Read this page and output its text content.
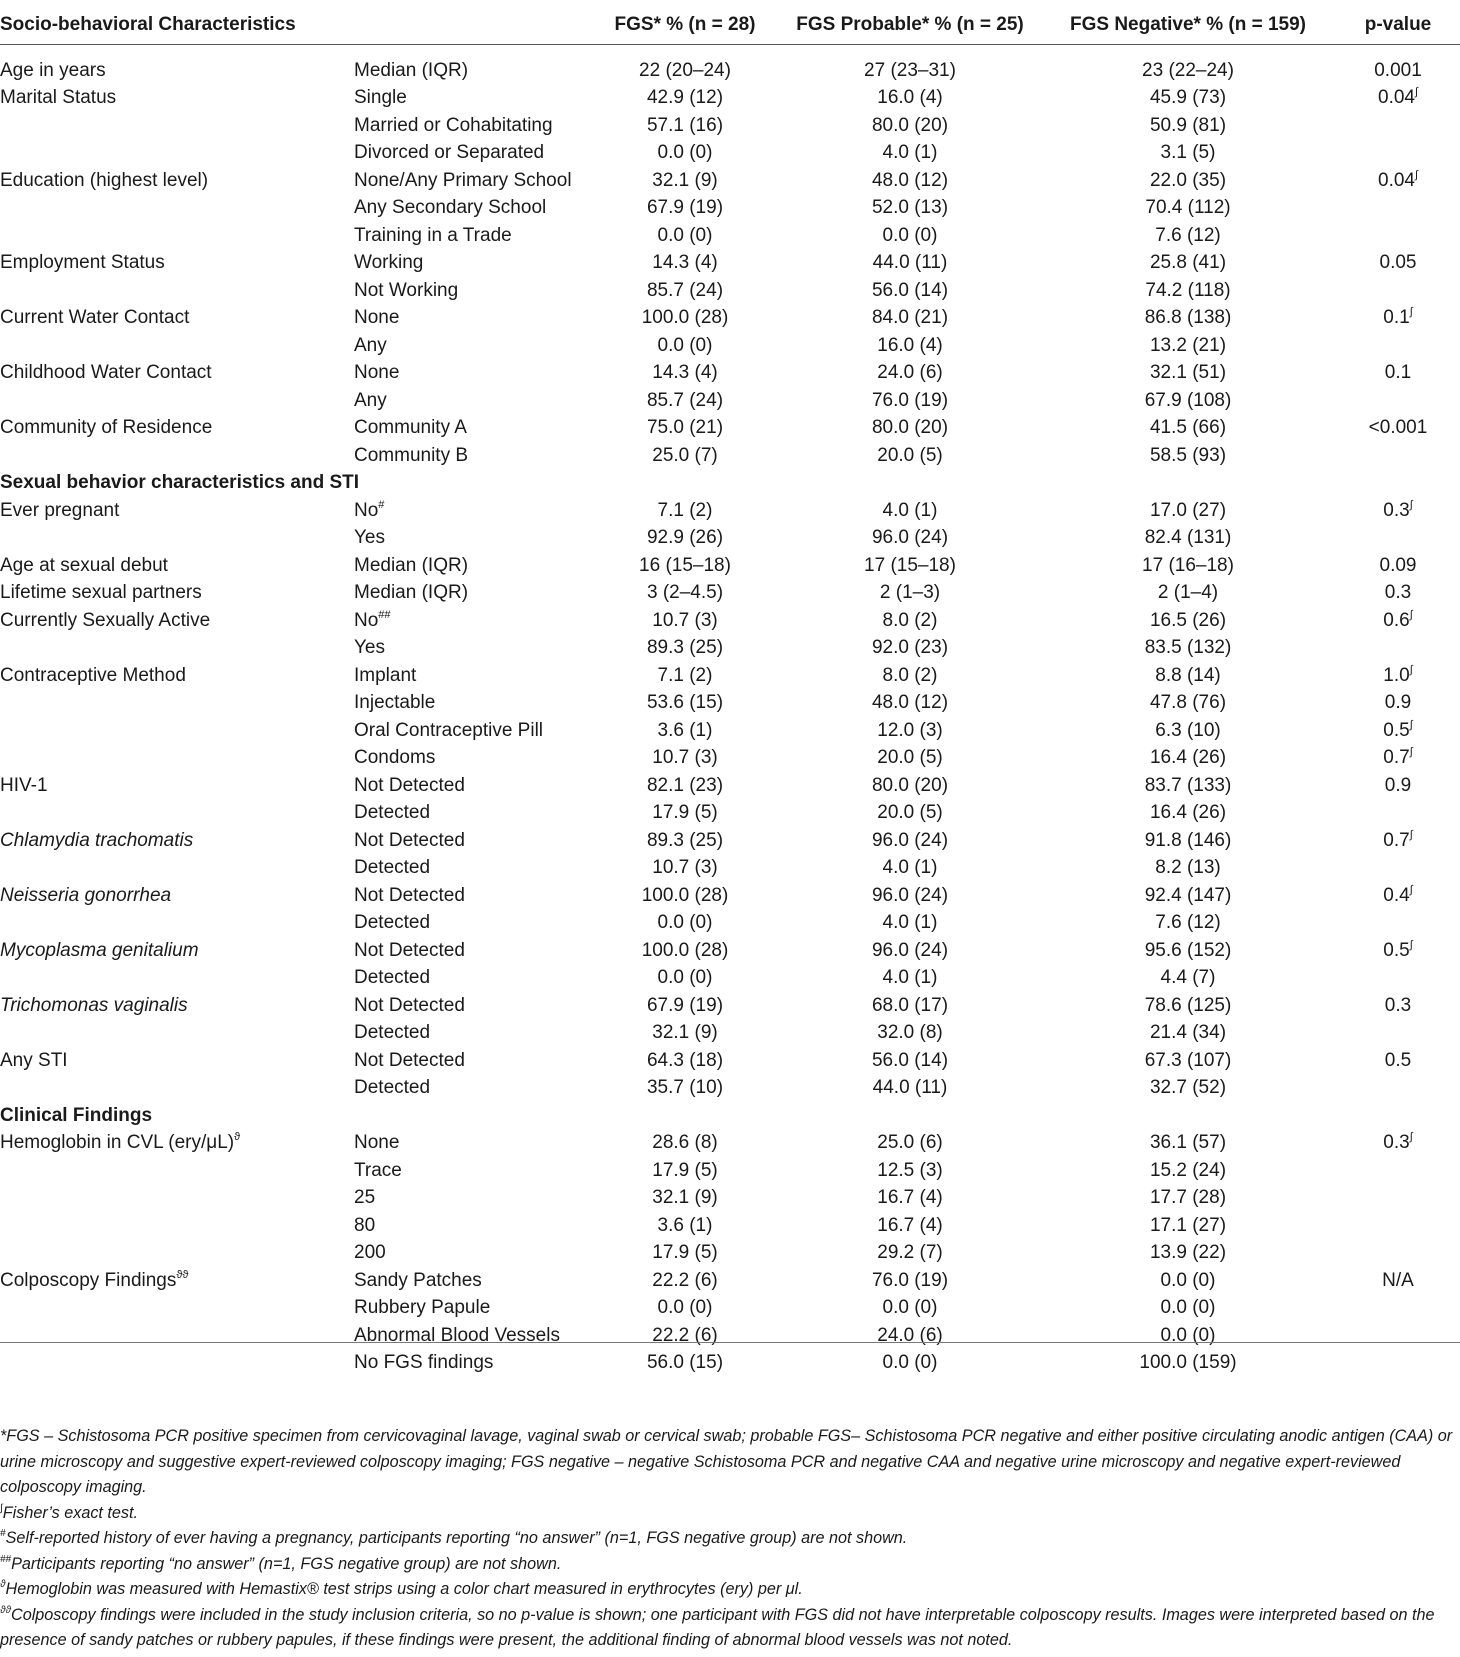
Socio-behavioral Characteristics		FGS* % (n = 28)	FGS Probable* % (n = 25)	FGS Negative* % (n = 159)	p-value

Age in years	Median (IQR)	22 (20–24)	27 (23–31)	23 (22–24)	0.001
Marital Status	Single	42.9 (12)	16.0 (4)	45.9 (73)	0.04∫
	Married or Cohabitating	57.1 (16)	80.0 (20)	50.9 (81)	
	Divorced or Separated	0.0 (0)	4.0 (1)	3.1 (5)	
Education (highest level)	None/Any Primary School	32.1 (9)	48.0 (12)	22.0 (35)	0.04∫
	Any Secondary School	67.9 (19)	52.0 (13)	70.4 (112)	
	Training in a Trade	0.0 (0)	0.0 (0)	7.6 (12)	
Employment Status	Working	14.3 (4)	44.0 (11)	25.8 (41)	0.05
	Not Working	85.7 (24)	56.0 (14)	74.2 (118)	
Current Water Contact	None	100.0 (28)	84.0 (21)	86.8 (138)	0.1∫
	Any	0.0 (0)	16.0 (4)	13.2 (21)	
Childhood Water Contact	None	14.3 (4)	24.0 (6)	32.1 (51)	0.1
	Any	85.7 (24)	76.0 (19)	67.9 (108)	
Community of Residence	Community A	75.0 (21)	80.0 (20)	41.5 (66)	<0.001
	Community B	25.0 (7)	20.0 (5)	58.5 (93)	
Sexual behavior characteristics and STI					
Ever pregnant	No#	7.1 (2)	4.0 (1)	17.0 (27)	0.3∫
	Yes	92.9 (26)	96.0 (24)	82.4 (131)	
Age at sexual debut	Median (IQR)	16 (15–18)	17 (15–18)	17 (16–18)	0.09
Lifetime sexual partners	Median (IQR)	3 (2–4.5)	2 (1–3)	2 (1–4)	0.3
Currently Sexually Active	No##	10.7 (3)	8.0 (2)	16.5 (26)	0.6∫
	Yes	89.3 (25)	92.0 (23)	83.5 (132)	
Contraceptive Method	Implant	7.1 (2)	8.0 (2)	8.8 (14)	1.0∫
	Injectable	53.6 (15)	48.0 (12)	47.8 (76)	0.9
	Oral Contraceptive Pill	3.6 (1)	12.0 (3)	6.3 (10)	0.5∫
	Condoms	10.7 (3)	20.0 (5)	16.4 (26)	0.7∫
HIV-1	Not Detected	82.1 (23)	80.0 (20)	83.7 (133)	0.9
	Detected	17.9 (5)	20.0 (5)	16.4 (26)	
Chlamydia trachomatis	Not Detected	89.3 (25)	96.0 (24)	91.8 (146)	0.7∫
	Detected	10.7 (3)	4.0 (1)	8.2 (13)	
Neisseria gonorrhea	Not Detected	100.0 (28)	96.0 (24)	92.4 (147)	0.4∫
	Detected	0.0 (0)	4.0 (1)	7.6 (12)	
Mycoplasma genitalium	Not Detected	100.0 (28)	96.0 (24)	95.6 (152)	0.5∫
	Detected	0.0 (0)	4.0 (1)	4.4 (7)	
Trichomonas vaginalis	Not Detected	67.9 (19)	68.0 (17)	78.6 (125)	0.3
	Detected	32.1 (9)	32.0 (8)	21.4 (34)	
Any STI	Not Detected	64.3 (18)	56.0 (14)	67.3 (107)	0.5
	Detected	35.7 (10)	44.0 (11)	32.7 (52)	
Clinical Findings					
Hemoglobin in CVL $(ery/\mu L)^ϑ$	None	28.6 (8)	25.0 (6)	36.1 (57)	0.3∫
	Trace	17.9 (5)	12.5 (3)	15.2 (24)	
	25	32.1 (9)	16.7 (4)	17.7 (28)	
	80	3.6 (1)	16.7 (4)	17.1 (27)	
	200	17.9 (5)	29.2 (7)	13.9 (22)	
Colposcopy Findings$^{ϑϑ}$	Sandy Patches	22.2 (6)	76.0 (19)	0.0 (0)	N/A
	Rubbery Papule	0.0 (0)	0.0 (0)	0.0 (0)	
	Abnormal Blood Vessels	22.2 (6)	24.0 (6)	0.0 (0)	
	No FGS findings	56.0 (15)	0.0 (0)	100.0 (159)	

*FGS – Schistosoma PCR positive specimen from cervicovaginal lavage, vaginal swab or cervical swab; probable FGS– Schistosoma PCR negative and either positive circulating anodic antigen (CAA) or urine microscopy and suggestive expert-reviewed colposcopy imaging; FGS negative – negative Schistosoma PCR and negative CAA and negative urine microscopy and negative expert-reviewed colposcopy imaging.

∫Fisher’s exact test.

#Self-reported history of ever having a pregnancy, participants reporting “no answer” (n=1, FGS negative group) are not shown.

##Participants reporting “no answer” (n=1, FGS negative group) are not shown.

$^ϑ$Hemoglobin was measured with Hemastix® test strips using a color chart measured in erythrocytes (ery) per μl.

$^{ϑϑ}$Colposcopy findings were included in the study inclusion criteria, so no p-value is shown; one participant with FGS did not have interpretable colposcopy results. Images were interpreted based on the presence of sandy patches or rubbery papules, if these findings were present, the additional finding of abnormal blood vessels was not noted.
